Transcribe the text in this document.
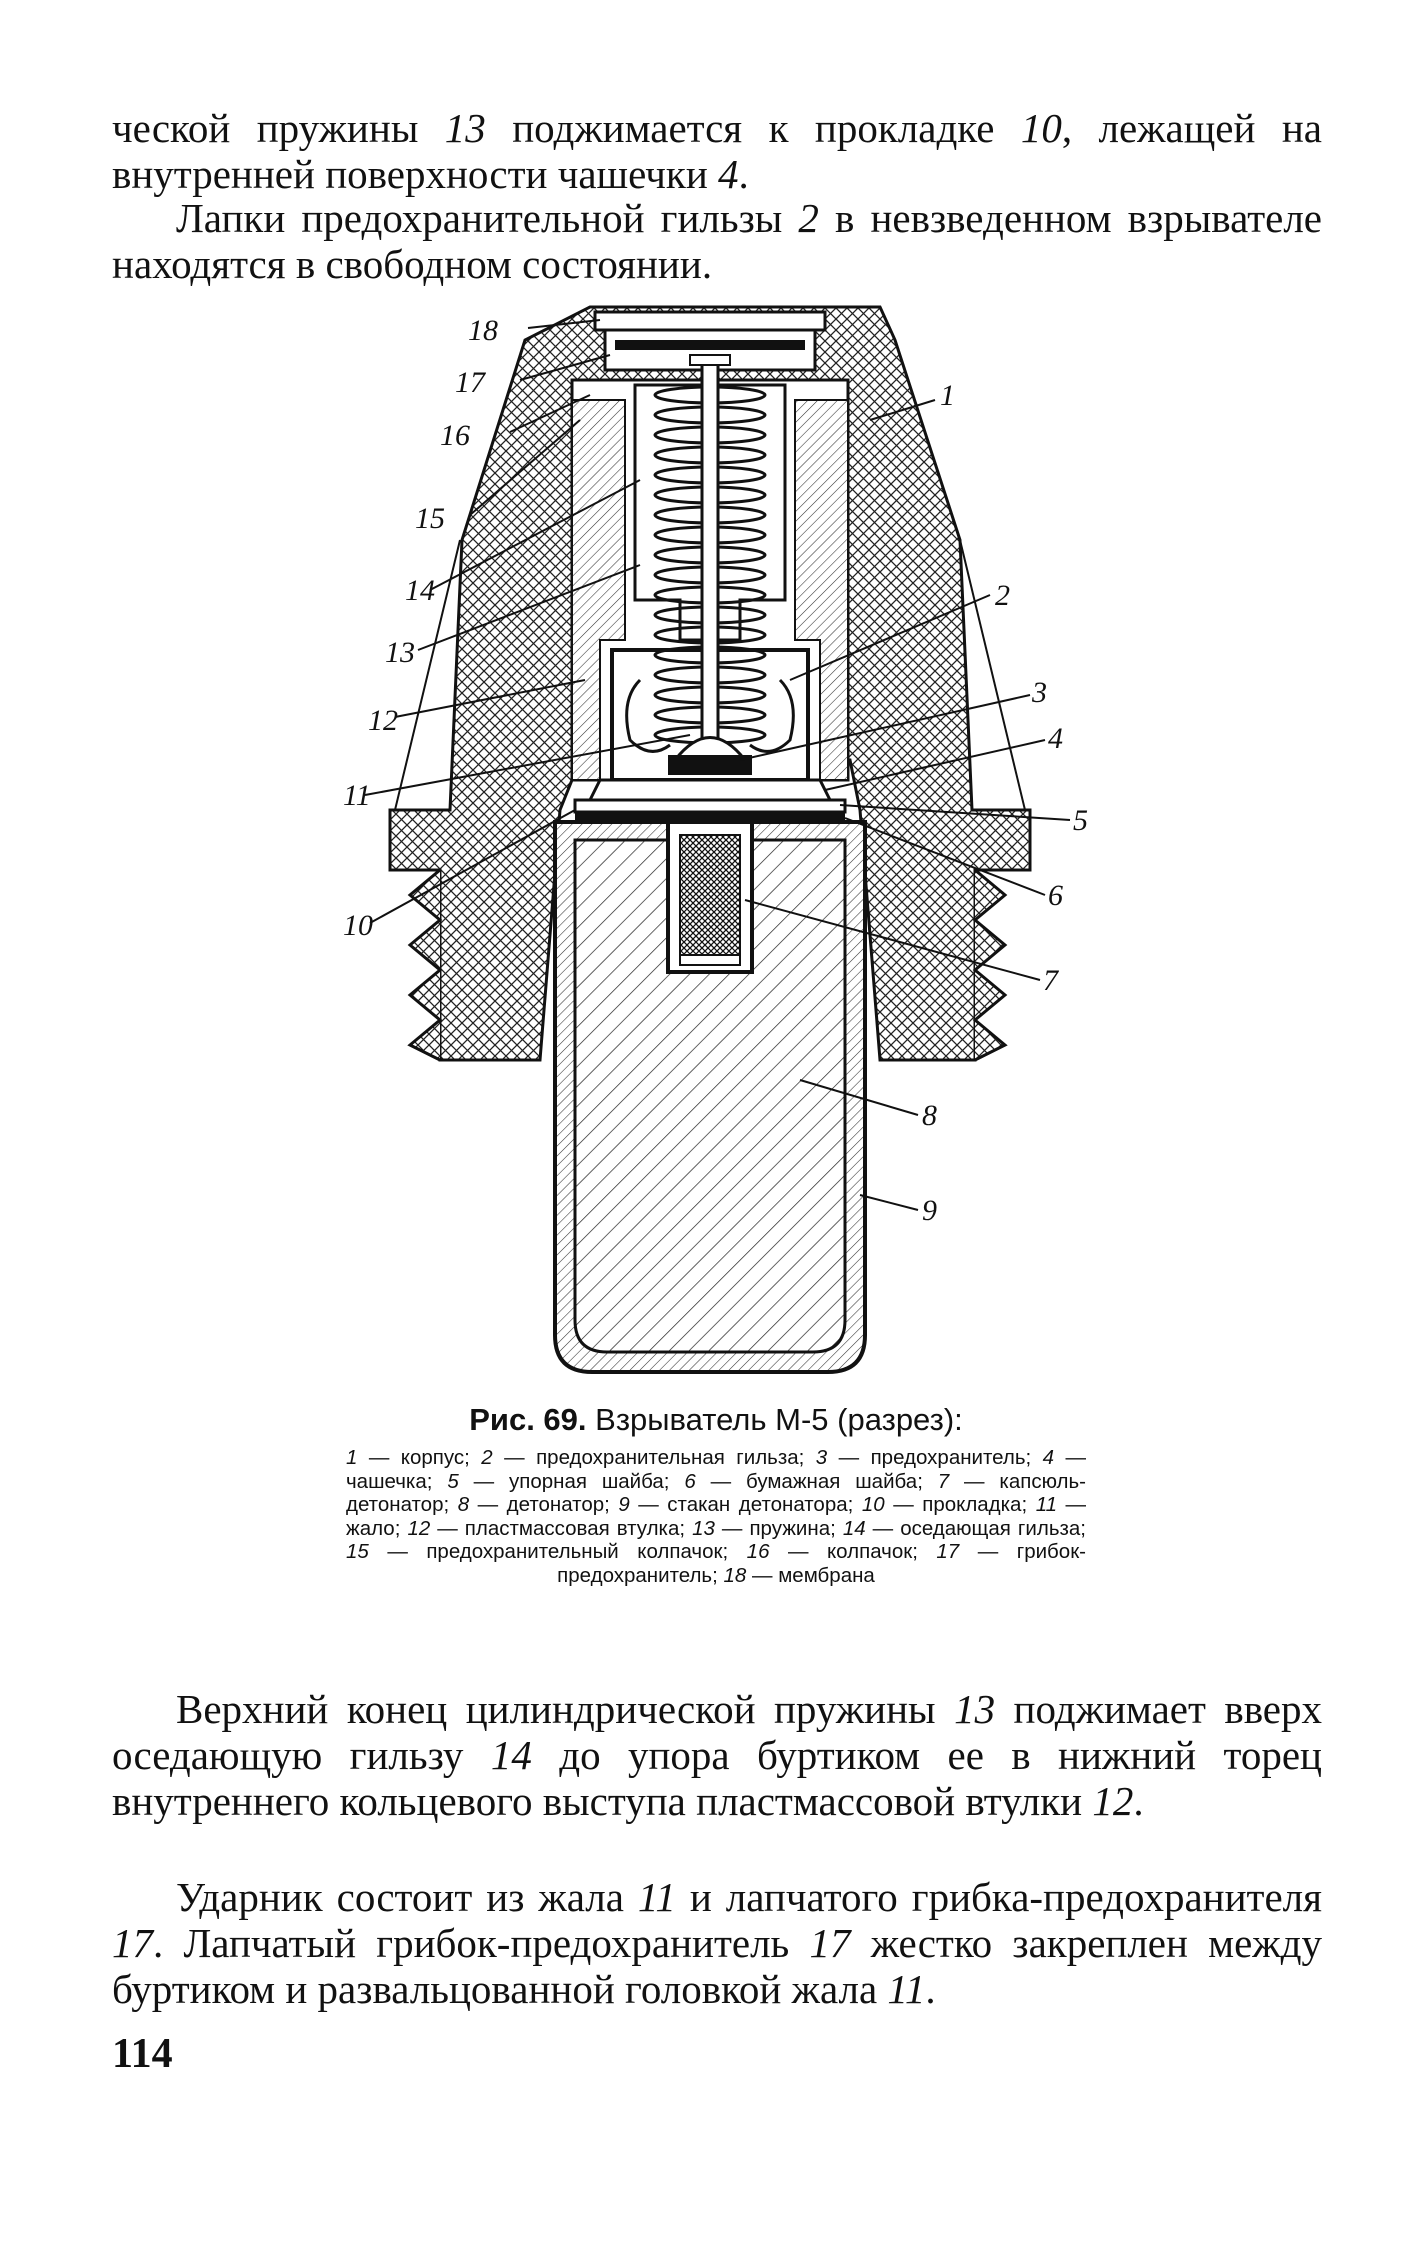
ческой пружины 13 поджимается к прокладке 10, лежащей на внутренней поверхности чашечки 4.

Лапки предохранительной гильзы 2 в невзведенном взрывателе находятся в свободном состоянии.

18
17
16
15
14
13
12
11
10
1
2
3
4
5
6
7
8
9
Рис. 69. Взрыватель М-5 (разрез):
1 — корпус; 2 — предохранительная гильза; 3 — предохранитель; 4 — чашечка; 5 — упорная шайба; 6 — бумажная шайба; 7 — капсюль-детонатор; 8 — детонатор; 9 — стакан детонатора; 10 — прокладка; 11 — жало; 12 — пластмассовая втулка; 13 — пружина; 14 — оседающая гильза; 15 — предохранительный колпачок; 16 — колпачок; 17 — грибок-предохранитель; 18 — мембрана

Верхний конец цилиндрической пружины 13 поджимает вверх оседающую гильзу 14 до упора буртиком ее в нижний торец внутреннего кольцевого выступа пластмассовой втулки 12.

Ударник состоит из жала 11 и лапчатого грибка-предохранителя 17. Лапчатый грибок-предохранитель 17 жестко закреплен между буртиком и развальцованной головкой жала 11.

114
